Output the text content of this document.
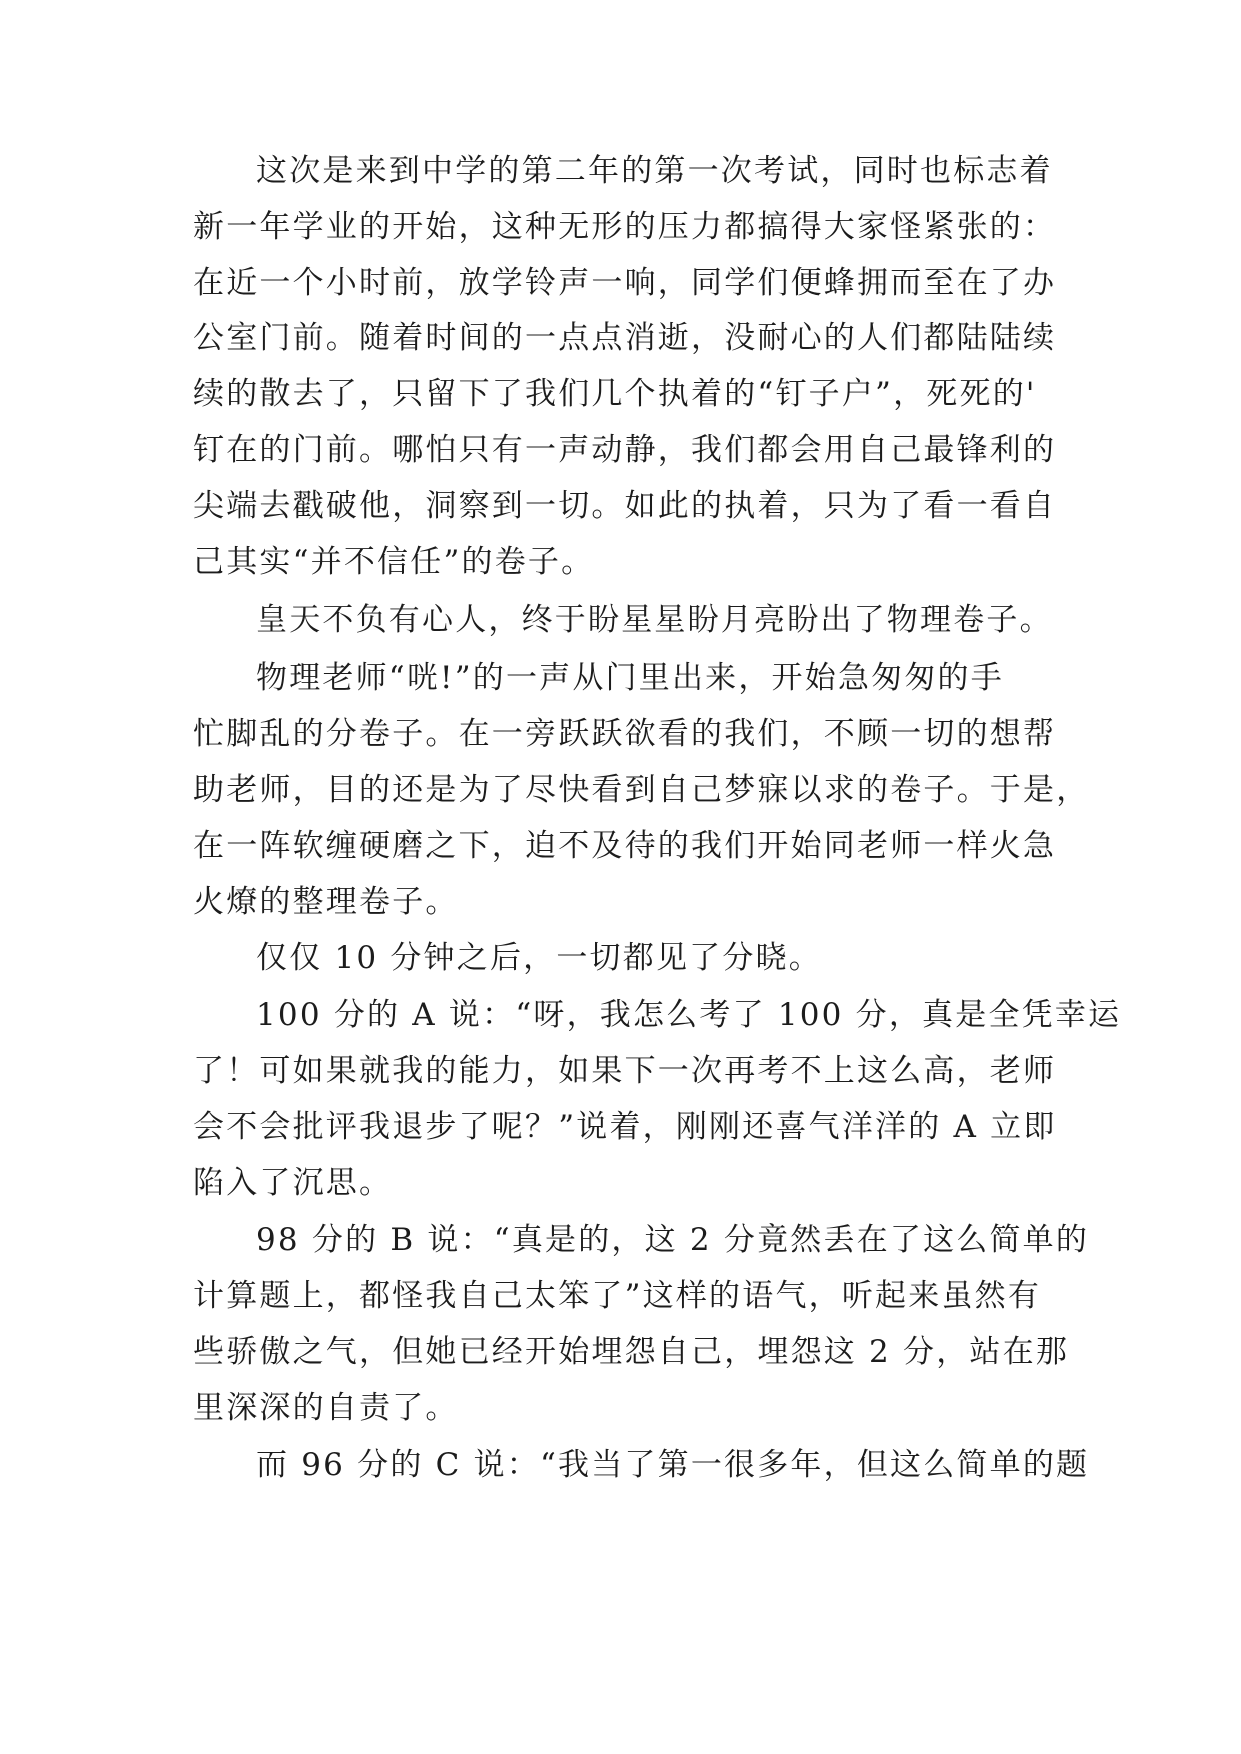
这次是来到中学的第二年的第一次考试，同时也标志着

新一年学业的开始，这种无形的压力都搞得大家怪紧张的：

在近一个小时前，放学铃声一响，同学们便蜂拥而至在了办

公室门前。随着时间的一点点消逝，没耐心的人们都陆陆续

续的散去了，只留下了我们几个执着的“钉子户”，死死的'

钉在的门前。哪怕只有一声动静，我们都会用自己最锋利的

尖端去戳破他，洞察到一切。如此的执着，只为了看一看自

己其实“并不信任”的卷子。

皇天不负有心人，终于盼星星盼月亮盼出了物理卷子。

物理老师“咣!”的一声从门里出来，开始急匆匆的手

忙脚乱的分卷子。在一旁跃跃欲看的我们，不顾一切的想帮

助老师，目的还是为了尽快看到自己梦寐以求的卷子。于是，

在一阵软缠硬磨之下，迫不及待的我们开始同老师一样火急

火燎的整理卷子。

仅仅 10 分钟之后，一切都见了分晓。

100 分的 A 说：“呀，我怎么考了 100 分，真是全凭幸运

了！可如果就我的能力，如果下一次再考不上这么高，老师

会不会批评我退步了呢？”说着，刚刚还喜气洋洋的 A 立即

陷入了沉思。

98 分的 B 说：“真是的，这 2 分竟然丢在了这么简单的

计算题上，都怪我自己太笨了”这样的语气，听起来虽然有

些骄傲之气，但她已经开始埋怨自己，埋怨这 2 分，站在那

里深深的自责了。

而 96 分的 C 说：“我当了第一很多年，但这么简单的题
